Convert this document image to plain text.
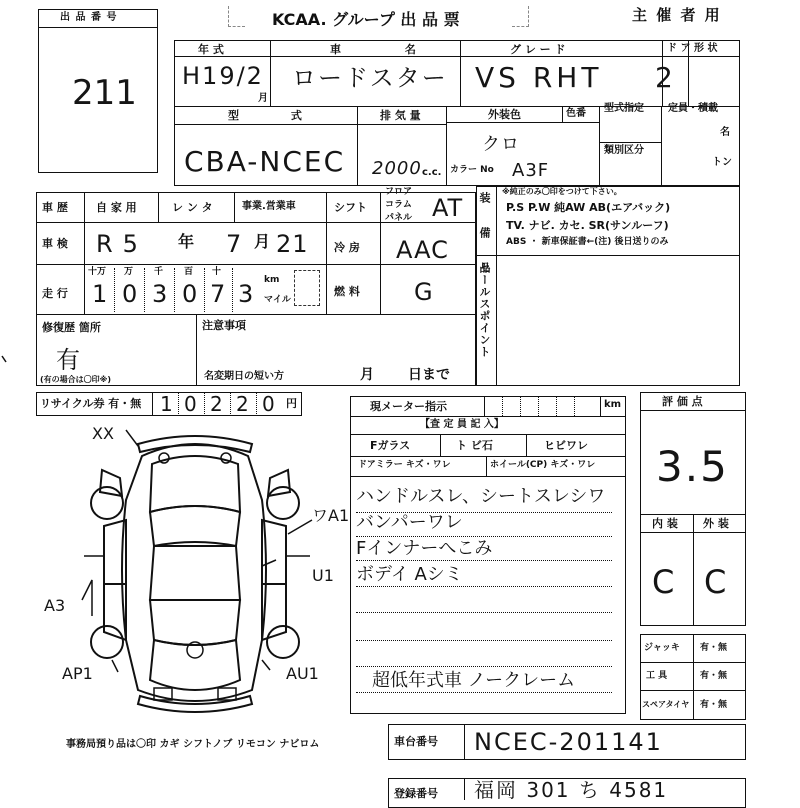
出 品 番 号
211
KCAA. グループ 出 品 票	主 催 者 用
年 式
H19/2
月
車 名
ロードスター
グ レ ー ド
VS RHT
ド ア
2
形 状
型 式
CBA-NCEC
排 気 量
2000 c.c.
外装色	色番
クロ
カラー No A3F
型式指定
類別区分
定員・積載
名
トン
車 歴	自 家 用	レ ン タ	事業.営業車	シフト
フロア
コラム
パネル AT
車 検 R5 年 7 月 21 冷 房 AAC
走 行
十万 万 千 百 十
1 0 3 0 7 3 km
マイル
燃 料 G
修復歴 箇所
有
(有の場合は〇印※)
注意事項
名変期日の短い方	月 日まで
リサイクル券 有・無 1 0 2 2 0 円
装 備 品
※純正のみ〇印をつけて下さい。
P.S P.W 純AW AB(エアバック)
TV. ナビ. カセ. SR(サンルーフ)
ABS ・ 新車保証書←(注) 後日送りのみ
セールスポイント
現メーター指示	km
【査 定 員 記 入】
Fガラス	ト ビ石	ヒビワレ
ドアミラー キズ・ワレ	ホイール(CP) キズ・ワレ
ハンドルスレ、シートスレシワ
バンパーワレ
Fインナーへこみ
ボデイ Aシミ
超低年式車 ノークレーム
評 価 点
3.5
内 装 外 装
C C
ジャッキ 有・無
工 具	有・無
スペアタイヤ 有・無
XX
ワA1
U1
A3
AP1	AU1
事務局預り品は〇印 カギ シフトノブ リモコン ナビロム	車台番号 NCEC-201141
登録番号 福岡 301 ち 4581
